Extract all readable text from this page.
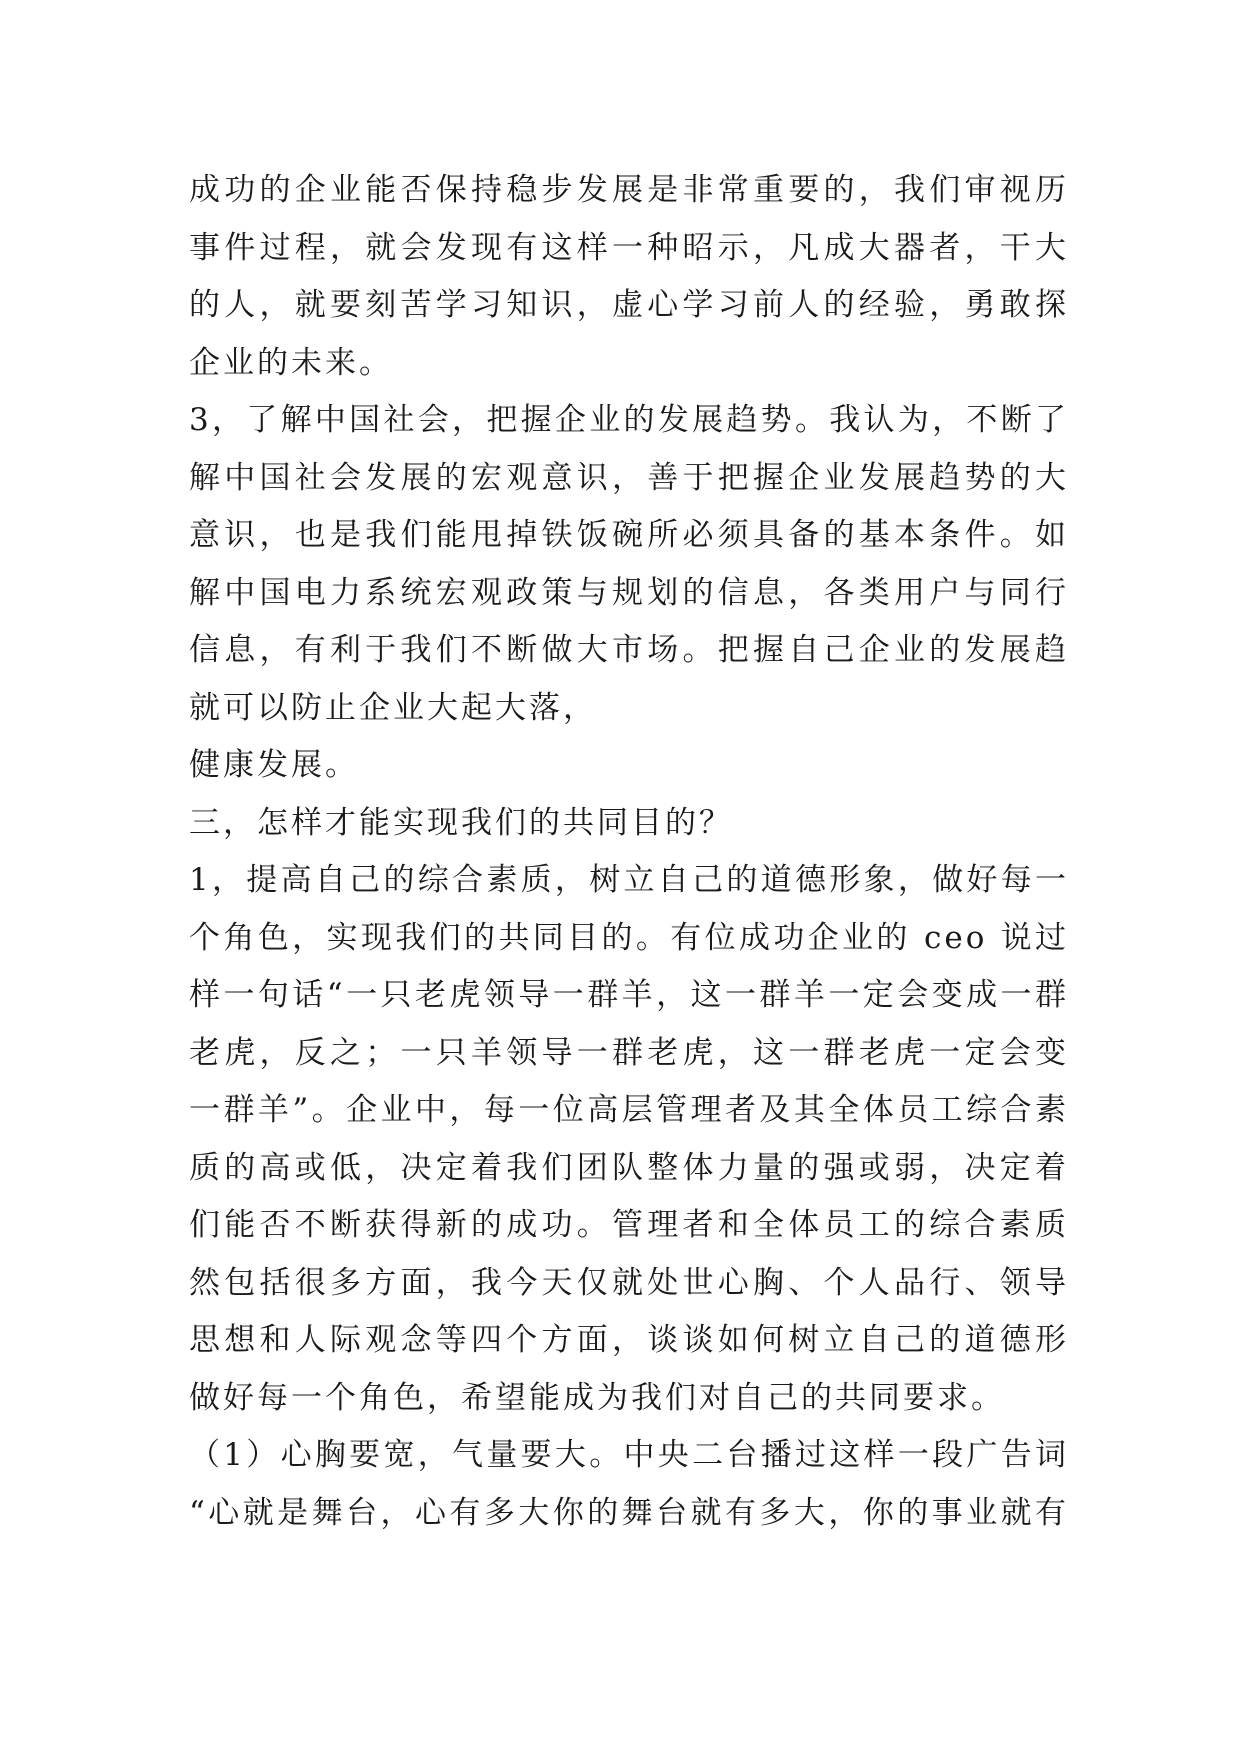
成功的企业能否保持稳步发展是非常重要的，我们审视历
事件过程，就会发现有这样一种昭示，凡成大器者，干大
的人，就要刻苦学习知识，虚心学习前人的经验，勇敢探
企业的未来。
3，了解中国社会，把握企业的发展趋势。我认为，不断了
解中国社会发展的宏观意识，善于把握企业发展趋势的大
意识，也是我们能甩掉铁饭碗所必须具备的基本条件。如
解中国电力系统宏观政策与规划的信息，各类用户与同行
信息，有利于我们不断做大市场。把握自己企业的发展趋
就可以防止企业大起大落，
健康发展。
三，怎样才能实现我们的共同目的？
1，提高自己的综合素质，树立自己的道德形象，做好每一
个角色，实现我们的共同目的。有位成功企业的 ceo 说过
样一句话“一只老虎领导一群羊，这一群羊一定会变成一群
老虎，反之；一只羊领导一群老虎，这一群老虎一定会变
一群羊”。企业中，每一位高层管理者及其全体员工综合素
质的高或低，决定着我们团队整体力量的强或弱，决定着
们能否不断获得新的成功。管理者和全体员工的综合素质
然包括很多方面，我今天仅就处世心胸、个人品行、领导
思想和人际观念等四个方面，谈谈如何树立自己的道德形
做好每一个角色，希望能成为我们对自己的共同要求。
（1）心胸要宽，气量要大。中央二台播过这样一段广告词
“心就是舞台，心有多大你的舞台就有多大，你的事业就有
